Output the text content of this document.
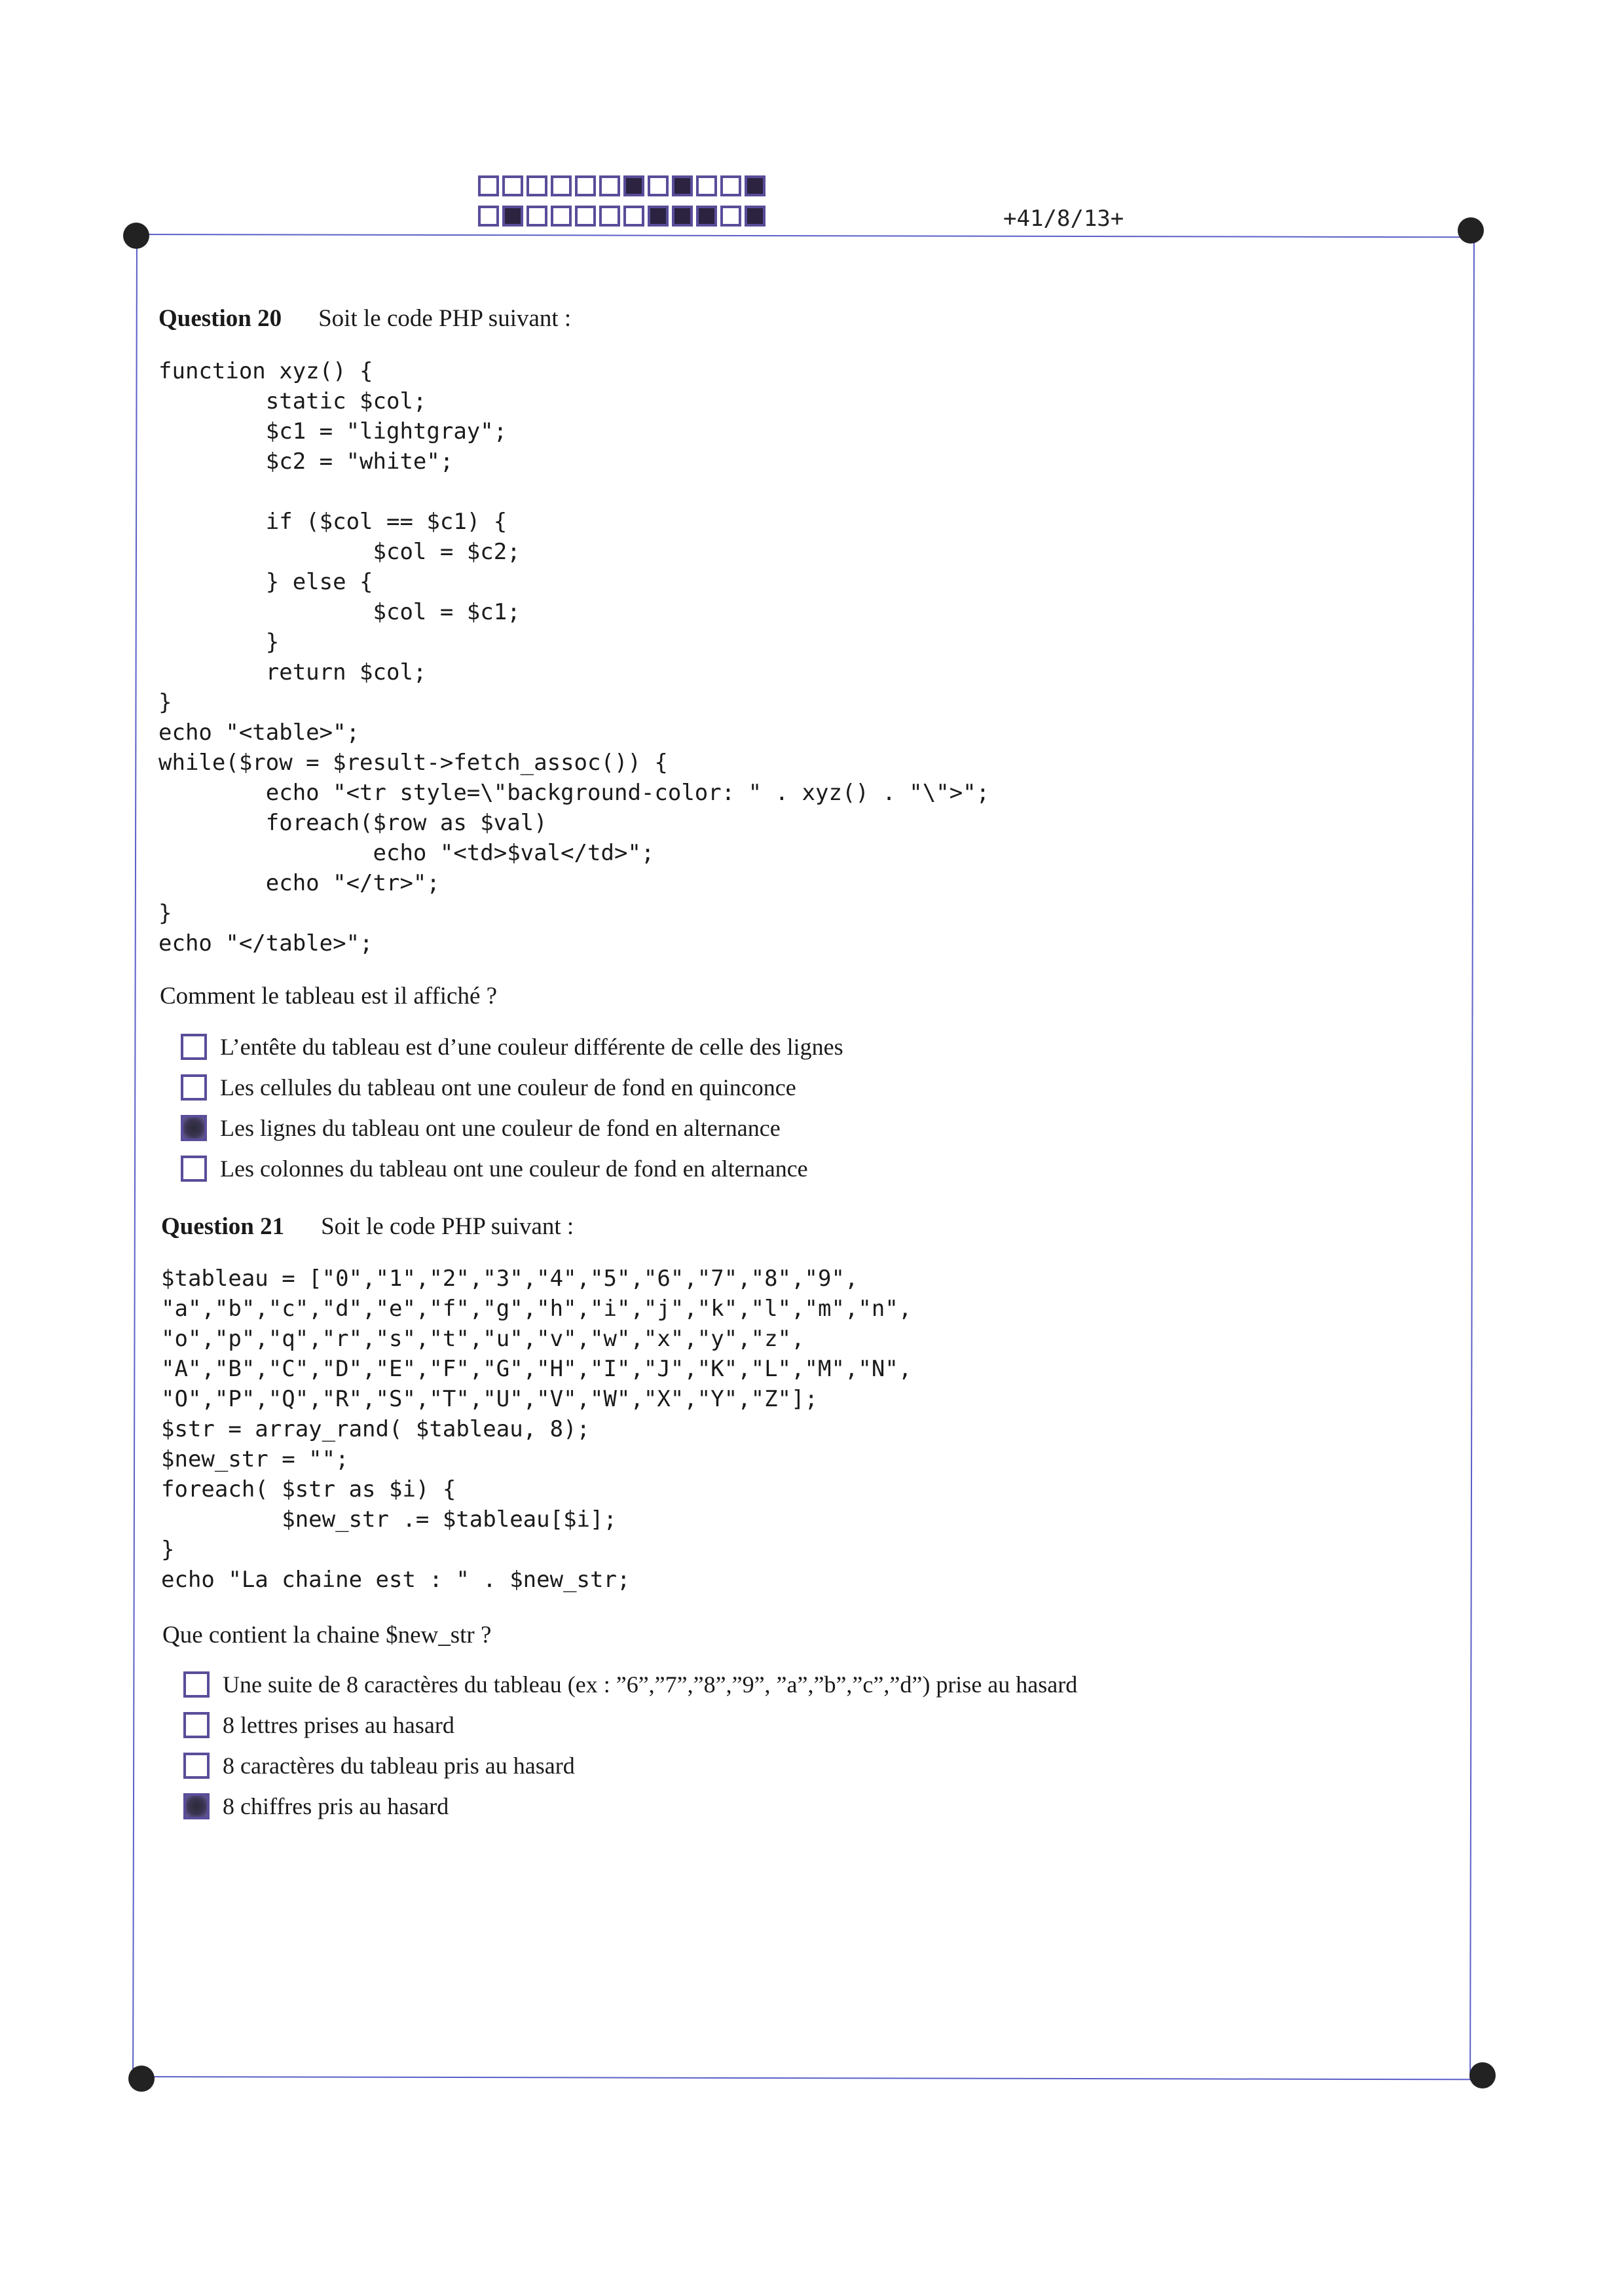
+41/8/13+
Question 20 Soit le code PHP suivant :
function xyz() {
static $col;
$c1 = "lightgray";
$c2 = "white";

if ($col == $c1) {
$col = $c2;
} else {
$col = $c1;
}
return $col;
}
echo "<table>";
while($row = $result->fetch_assoc()) {
echo "<tr style=\"background-color: " . xyz() . "\">";
foreach($row as $val)
echo "<td>$val</td>";
echo "</tr>";
}
echo "</table>";
Comment le tableau est il affiché ?
L’entête du tableau est d’une couleur différente de celle des lignes
Les cellules du tableau ont une couleur de fond en quinconce
Les lignes du tableau ont une couleur de fond en alternance
Les colonnes du tableau ont une couleur de fond en alternance
Question 21 Soit le code PHP suivant :
$tableau = ["0","1","2","3","4","5","6","7","8","9",
"a","b","c","d","e","f","g","h","i","j","k","l","m","n",
"o","p","q","r","s","t","u","v","w","x","y","z",
"A","B","C","D","E","F","G","H","I","J","K","L","M","N",
"O","P","Q","R","S","T","U","V","W","X","Y","Z"];
$str = array_rand( $tableau, 8);
$new_str = "";
foreach( $str as $i) {
$new_str .= $tableau[$i];
}
echo "La chaine est : " . $new_str;
Que contient la chaine $new_str ?
Une suite de 8 caractères du tableau (ex : ”6”,”7”,”8”,”9”, ”a”,”b”,”c”,”d”) prise au hasard
8 lettres prises au hasard
8 caractères du tableau pris au hasard
8 chiffres pris au hasard
